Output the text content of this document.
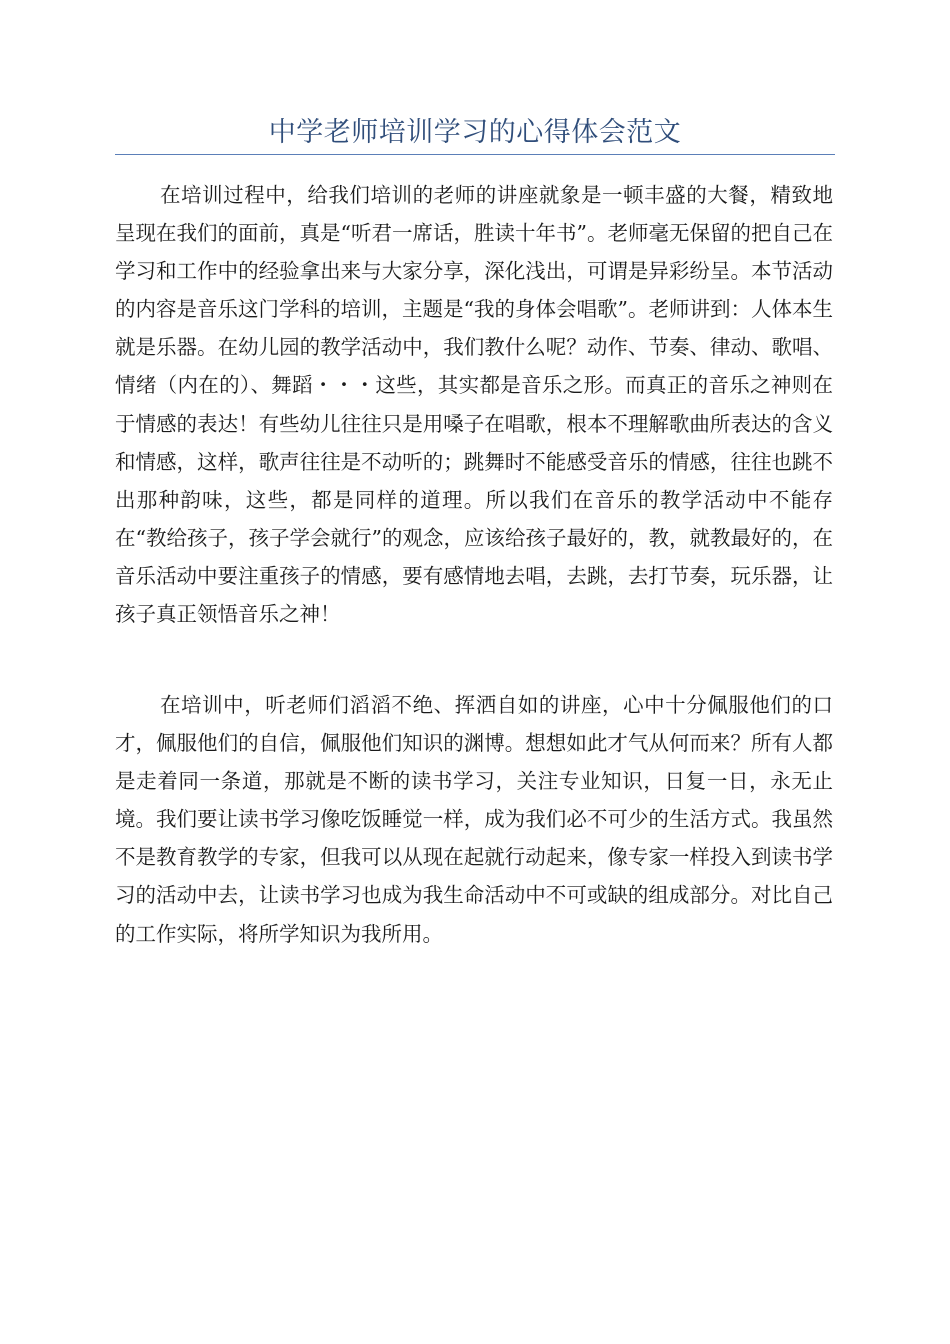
中学老师培训学习的心得体会范文

在培训过程中，给我们培训的老师的讲座就象是一顿丰盛的大餐，精致地呈现在我们的面前，真是“听君一席话，胜读十年书”。老师毫无保留的把自己在学习和工作中的经验拿出来与大家分享，深化浅出，可谓是异彩纷呈。本节活动的内容是音乐这门学科的培训，主题是“我的身体会唱歌”。老师讲到：人体本生就是乐器。在幼儿园的教学活动中，我们教什么呢？动作、节奏、律动、歌唱、情绪（内在的）、舞蹈・・・这些，其实都是音乐之形。而真正的音乐之神则在于情感的表达！有些幼儿往往只是用嗓子在唱歌，根本不理解歌曲所表达的含义和情感，这样，歌声往往是不动听的；跳舞时不能感受音乐的情感，往往也跳不出那种韵味，这些，都是同样的道理。所以我们在音乐的教学活动中不能存在“教给孩子，孩子学会就行”的观念，应该给孩子最好的，教，就教最好的，在音乐活动中要注重孩子的情感，要有感情地去唱，去跳，去打节奏，玩乐器，让孩子真正领悟音乐之神！

在培训中，听老师们滔滔不绝、挥洒自如的讲座，心中十分佩服他们的口才，佩服他们的自信，佩服他们知识的渊博。想想如此才气从何而来？所有人都是走着同一条道，那就是不断的读书学习，关注专业知识，日复一日，永无止境。我们要让读书学习像吃饭睡觉一样，成为我们必不可少的生活方式。我虽然不是教育教学的专家，但我可以从现在起就行动起来，像专家一样投入到读书学习的活动中去，让读书学习也成为我生命活动中不可或缺的组成部分。对比自己的工作实际，将所学知识为我所用。
